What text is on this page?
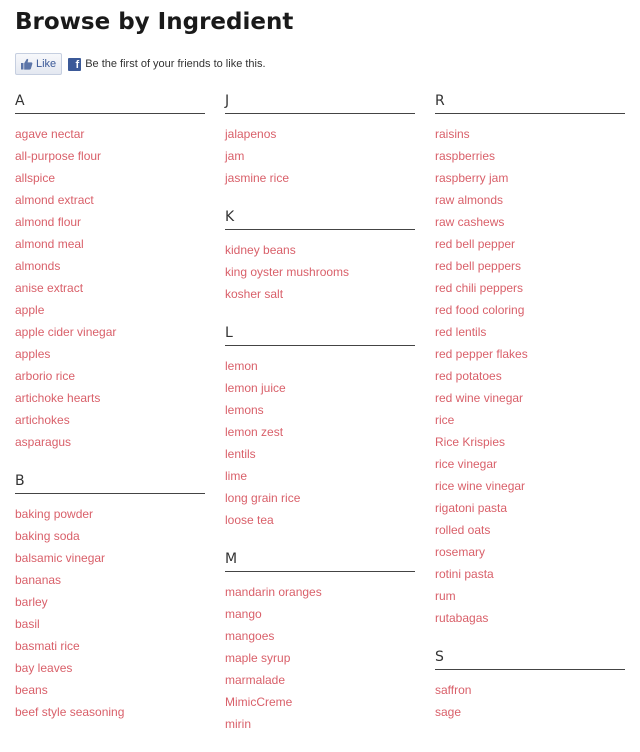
Browse by Ingredient
Like	f Be the first of your friends to like this.
A
agave nectar
all-purpose flour
allspice
almond extract
almond flour
almond meal
almonds
anise extract
apple
apple cider vinegar
apples
arborio rice
artichoke hearts
artichokes
asparagus
B
baking powder
baking soda
balsamic vinegar
bananas
barley
basil
basmati rice
bay leaves
beans
beef style seasoning
J
jalapenos
jam
jasmine rice
K
kidney beans
king oyster mushrooms
kosher salt
L
lemon
lemon juice
lemons
lemon zest
lentils
lime
long grain rice
loose tea
M
mandarin oranges
mango
mangoes
maple syrup
marmalade
MimicCreme
mirin
R
raisins
raspberries
raspberry jam
raw almonds
raw cashews
red bell pepper
red bell peppers
red chili peppers
red food coloring
red lentils
red pepper flakes
red potatoes
red wine vinegar
rice
Rice Krispies
rice vinegar
rice wine vinegar
rigatoni pasta
rolled oats
rosemary
rotini pasta
rum
rutabagas
S
saffron
sage
